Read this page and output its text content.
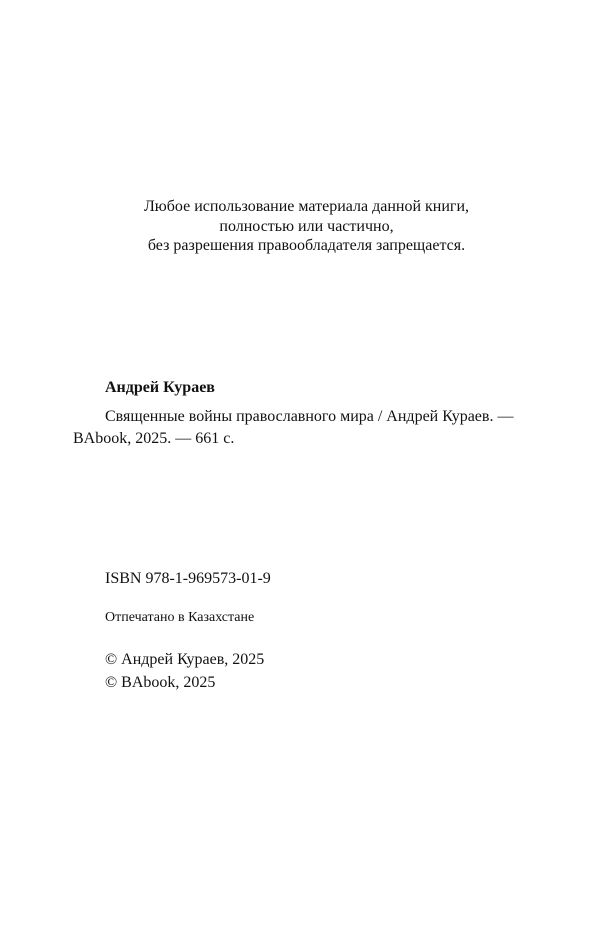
Любое использование материала данной книги,
полностью или частично,
без разрешения правообладателя запрещается.
Андрей Кураев
Священные войны православного мира / Андрей Кураев. —
BAbook, 2025. — 661 с.
ISBN 978-1-969573-01-9
Отпечатано в Казахстане
© Андрей Кураев, 2025
© BAbook, 2025
